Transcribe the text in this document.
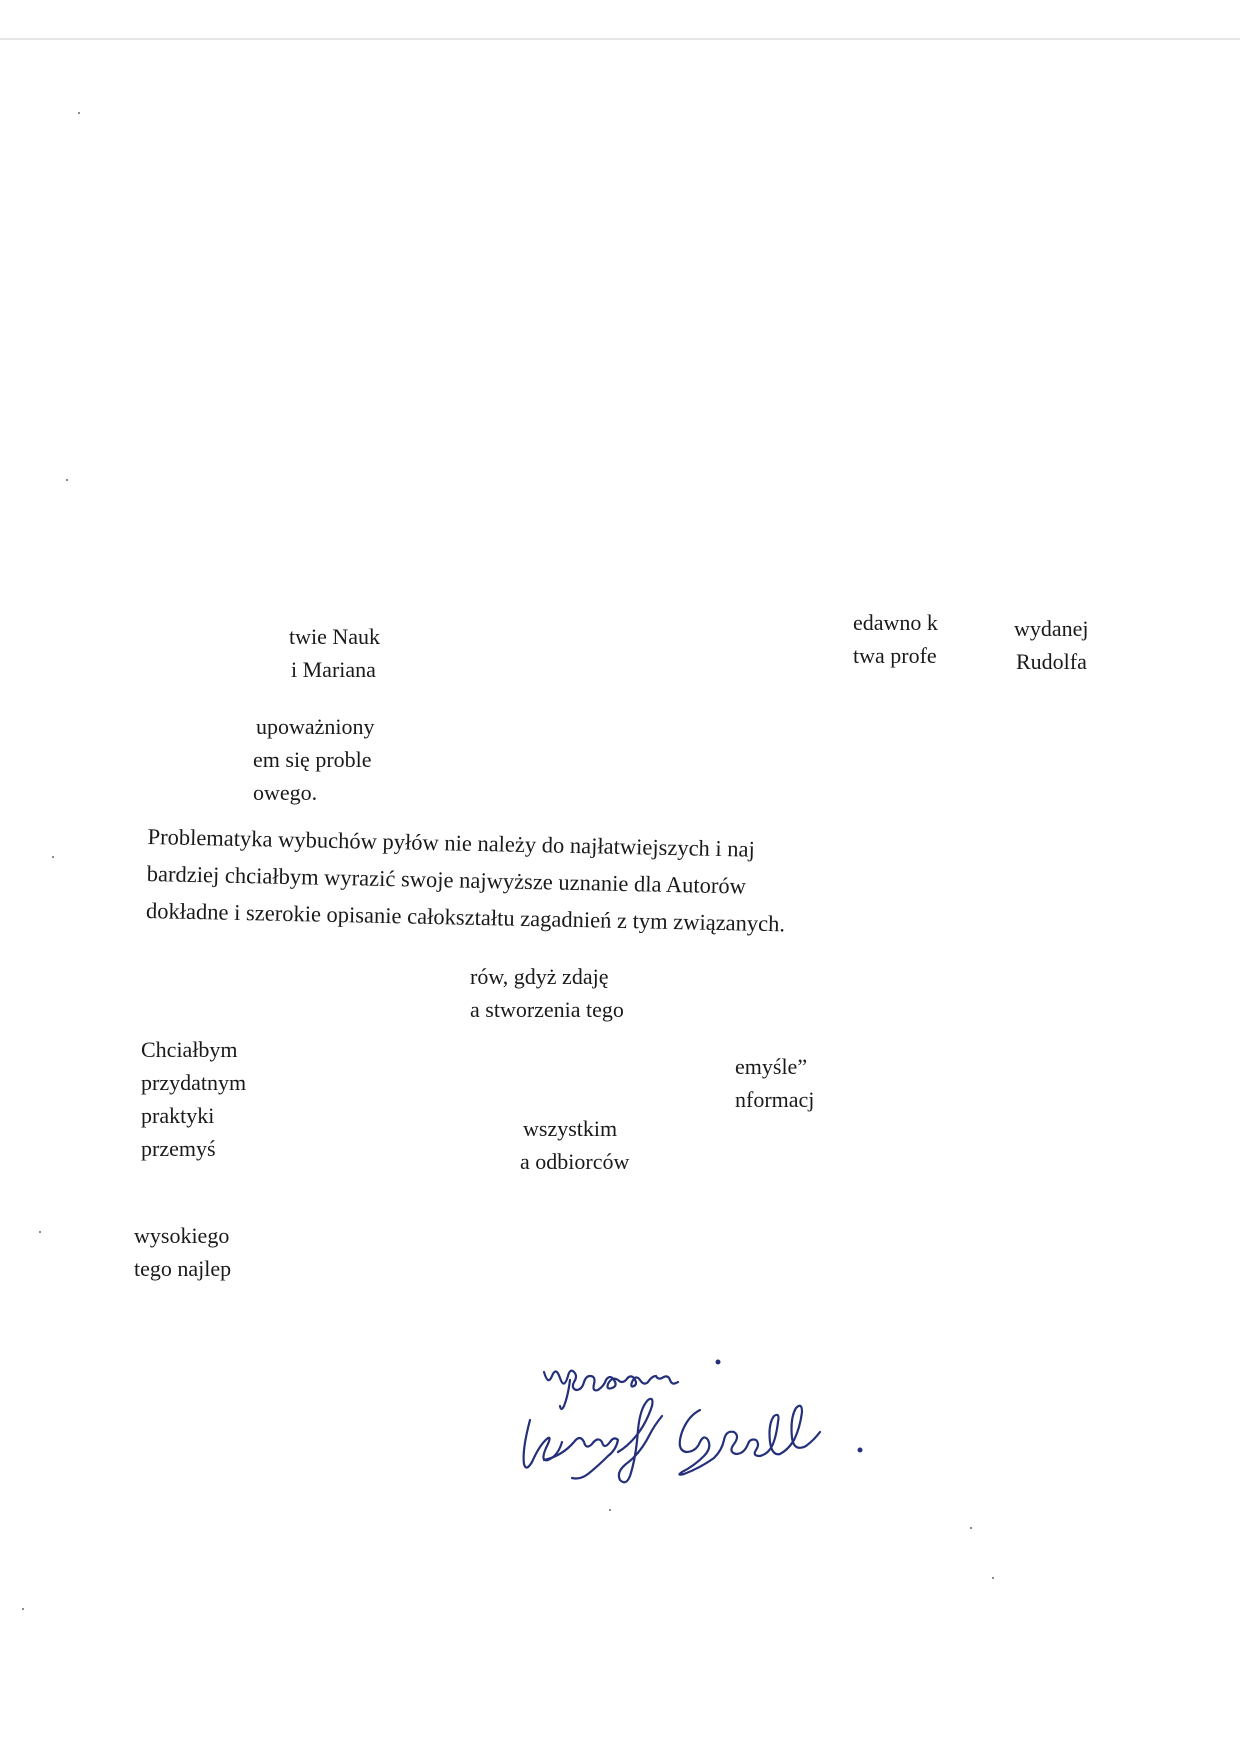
twie Nauk
i Mariana
edawno k
twa profe
wydanej
Rudolfa
upoważniony
em się proble
owego.
Problematyka wybuchów pyłów nie należy do najłatwiejszych i naj
bardziej chciałbym wyrazić swoje najwyższe uznanie dla Autorów
dokładne i szerokie opisanie całokształtu zagadnień z tym związanych.
rów, gdyż zdaję
a stworzenia tego
Chciałbym
przydatnym
praktyki
przemyś
emyśle”
nformacj
wszystkim
a odbiorców
wysokiego
tego najlep
